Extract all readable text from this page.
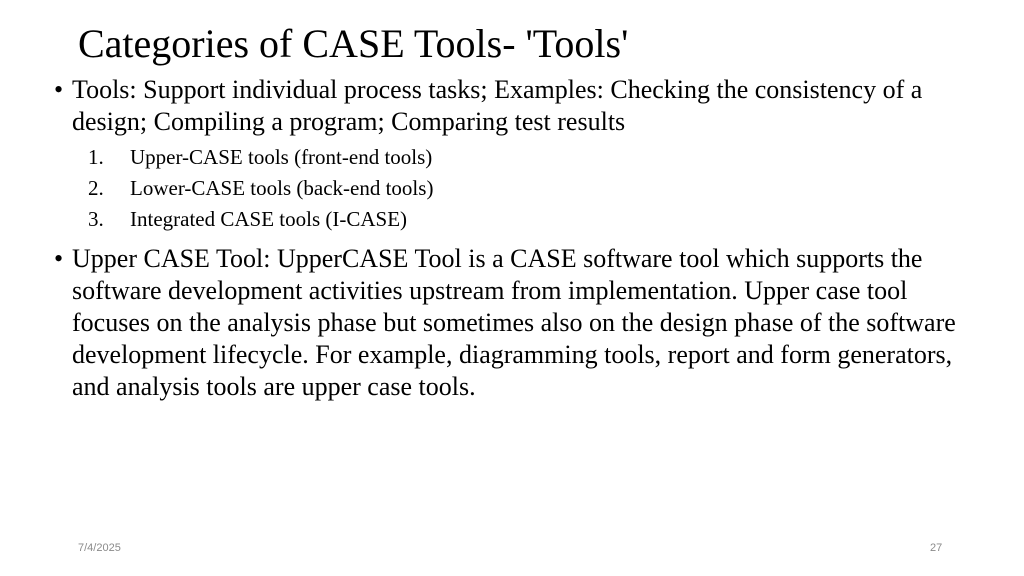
Categories of CASE Tools- 'Tools'
• Tools: Support individual process tasks; Examples: Checking the consistency of a design; Compiling a program; Comparing test results
1. Upper-CASE tools (front-end tools)
2. Lower-CASE tools (back-end tools)
3. Integrated CASE tools (I-CASE)
• Upper CASE Tool: UpperCASE Tool is a CASE software tool which supports the software development activities upstream from implementation. Upper case tool focuses on the analysis phase but sometimes also on the design phase of the software development lifecycle. For example, diagramming tools, report and form generators, and analysis tools are upper case tools.
7/4/2025	27
